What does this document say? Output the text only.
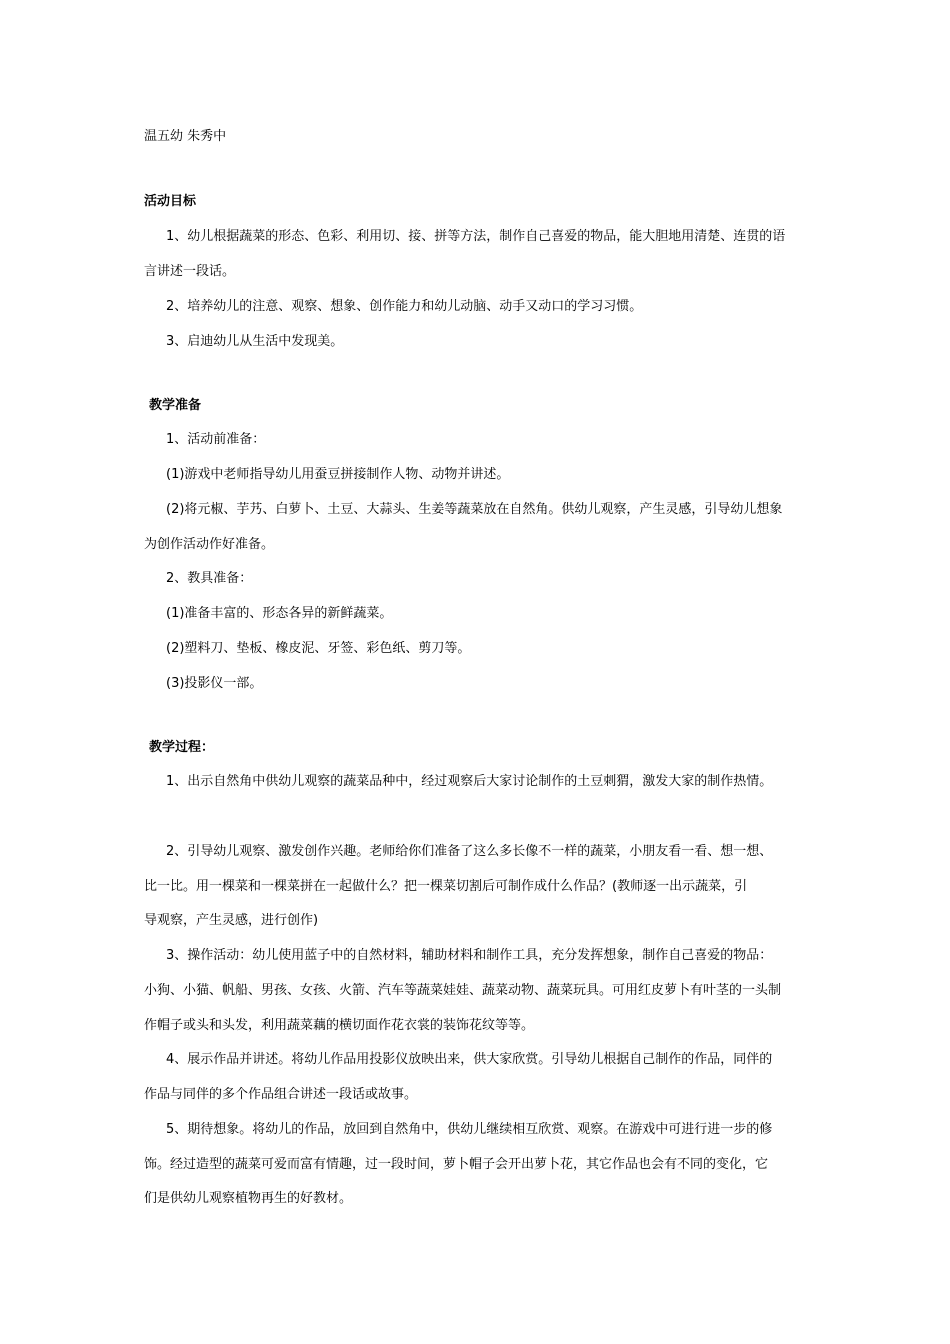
温五幼 朱秀中
活动目标
1、幼儿根据蔬菜的形态、色彩、利用切、接、拼等方法，制作自己喜爱的物品，能大胆地用清楚、连贯的语
言讲述一段话。
2、培养幼儿的注意、观察、想象、创作能力和幼儿动脑、动手又动口的学习习惯。
3、启迪幼儿从生活中发现美。
教学准备
1、活动前准备：
(1)游戏中老师指导幼儿用蚕豆拼接制作人物、动物并讲述。
(2)将元椒、芋艿、白萝卜、土豆、大蒜头、生姜等蔬菜放在自然角。供幼儿观察，产生灵感，引导幼儿想象
为创作活动作好准备。
2、教具准备：
(1)准备丰富的、形态各异的新鲜蔬菜。
(2)塑料刀、垫板、橡皮泥、牙签、彩色纸、剪刀等。
(3)投影仪一部。
教学过程：
1、出示自然角中供幼儿观察的蔬菜品种中，经过观察后大家讨论制作的土豆刺猬，激发大家的制作热情。
2、引导幼儿观察、激发创作兴趣。老师给你们准备了这么多长像不一样的蔬菜，小朋友看一看、想一想、
比一比。用一棵菜和一棵菜拼在一起做什么？把一棵菜切割后可制作成什么作品？(教师逐一出示蔬菜，引
导观察，产生灵感，进行创作)
3、操作活动：幼儿使用蓝子中的自然材料，辅助材料和制作工具，充分发挥想象，制作自己喜爱的物品：
小狗、小猫、帆船、男孩、女孩、火箭、汽车等蔬菜娃娃、蔬菜动物、蔬菜玩具。可用红皮萝卜有叶茎的一头制
作帽子或头和头发，利用蔬菜藕的横切面作花衣裳的装饰花纹等等。
4、展示作品并讲述。将幼儿作品用投影仪放映出来，供大家欣赏。引导幼儿根据自己制作的作品，同伴的
作品与同伴的多个作品组合讲述一段话或故事。
5、期待想象。将幼儿的作品，放回到自然角中，供幼儿继续相互欣赏、观察。在游戏中可进行进一步的修
饰。经过造型的蔬菜可爱而富有情趣，过一段时间，萝卜帽子会开出萝卜花，其它作品也会有不同的变化，它
们是供幼儿观察植物再生的好教材。
